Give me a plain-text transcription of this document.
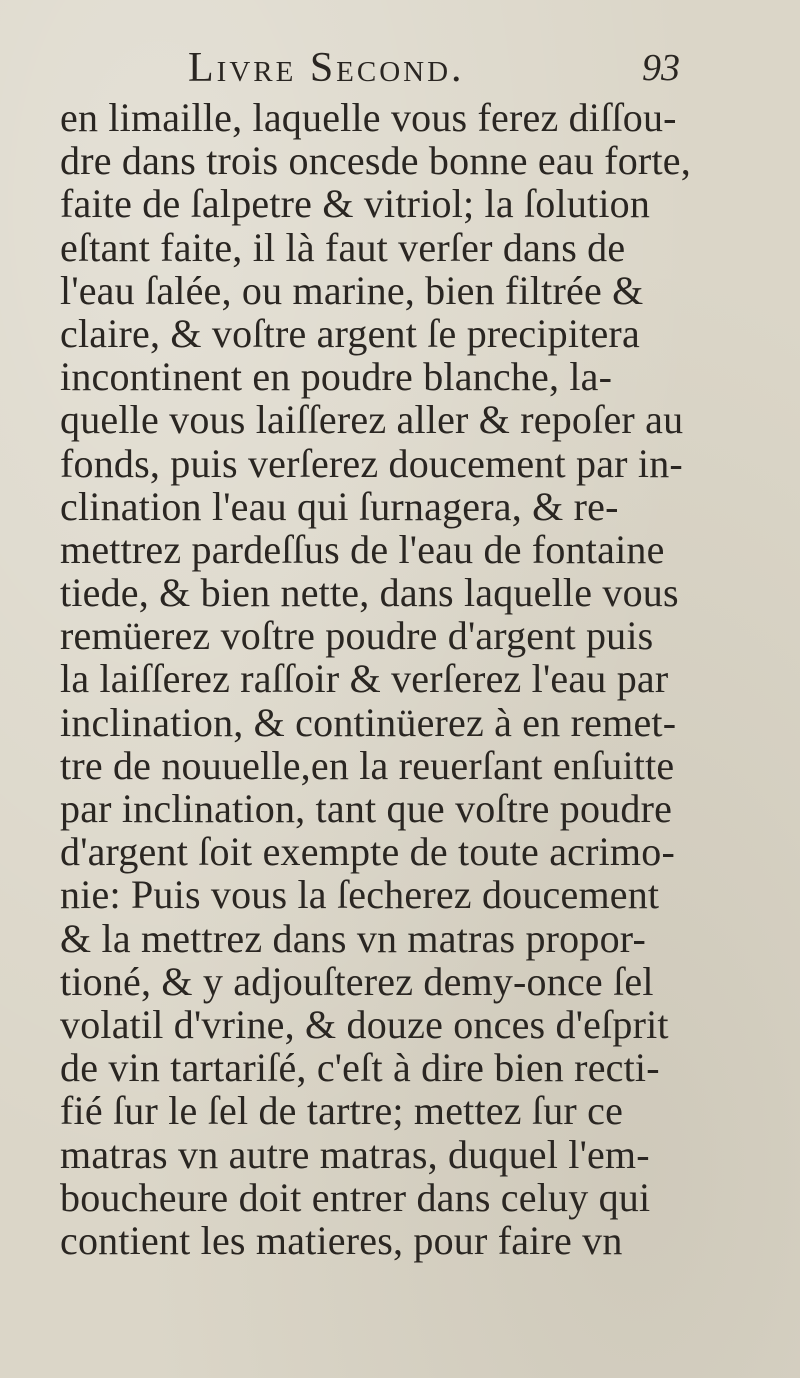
Livre Second.	93
en limaille, laquelle vous ferez diſſou-
dre dans trois oncesde bonne eau forte,
faite de ſalpetre & vitriol; la ſolution
eſtant faite, il là faut verſer dans de
l'eau ſalée, ou marine, bien filtrée &
claire, & voſtre argent ſe precipitera
incontinent en poudre blanche, la-
quelle vous laiſſerez aller & repoſer au
fonds, puis verſerez doucement par in-
clination l'eau qui ſurnagera, & re-
mettrez pardeſſus de l'eau de fontaine
tiede, & bien nette, dans laquelle vous
remüerez voſtre poudre d'argent puis
la laiſſerez raſſoir & verſerez l'eau par
inclination, & continüerez à en remet-
tre de nouuelle,en la reuerſant enſuitte
par inclination, tant que voſtre poudre
d'argent ſoit exempte de toute acrimo-
nie: Puis vous la ſecherez doucement
& la mettrez dans vn matras propor-
tioné, & y adjouſterez demy-once ſel
volatil d'vrine, & douze onces d'eſprit
de vin tartariſé, c'eſt à dire bien recti-
fié ſur le ſel de tartre; mettez ſur ce
matras vn autre matras, duquel l'em-
boucheure doit entrer dans celuy qui
contient les matieres, pour faire vn
